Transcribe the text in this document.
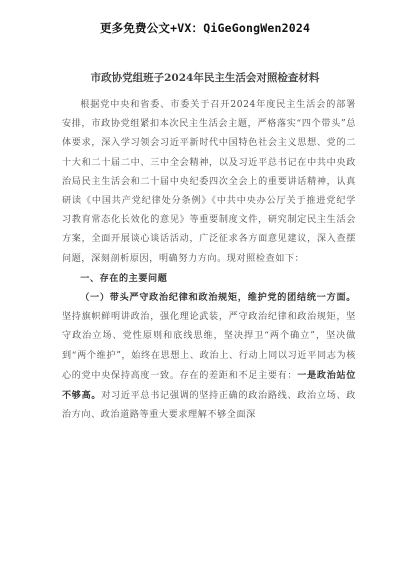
更多免费公文+VX：QiGeGongWen2024
市政协党组班子2024年民主生活会对照检查材料

根据党中央和省委、市委关于召开2024年度民主生活会的部署安排，市政协党组紧扣本次民主生活会主题，严格落实“四个带头”总体要求，深入学习领会习近平新时代中国特色社会主义思想、党的二十大和二十届二中、三中全会精神，以及习近平总书记在中共中央政治局民主生活会和二十届中央纪委四次全会上的重要讲话精神，认真研读《中国共产党纪律处分条例》《中共中央办公厅关于推进党纪学习教育常态化长效化的意见》等重要制度文件，研究制定民主生活会方案，全面开展谈心谈话活动，广泛征求各方面意见建议，深入查摆问题，深刻剖析原因，明确努力方向。现对照检查如下：

一、存在的主要问题

（一）带头严守政治纪律和政治规矩，维护党的团结统一方面。坚持旗帜鲜明讲政治，强化理论武装，严守政治纪律和政治规矩，坚守政治立场、党性原则和底线思维，坚决捍卫“两个确立”，坚决做到“两个维护”，始终在思想上、政治上、行动上同以习近平同志为核心的党中央保持高度一致。存在的差距和不足主要有：一是政治站位不够高。对习近平总书记强调的坚持正确的政治路线、政治立场、政治方向、政治道路等重大要求理解不够全面深
